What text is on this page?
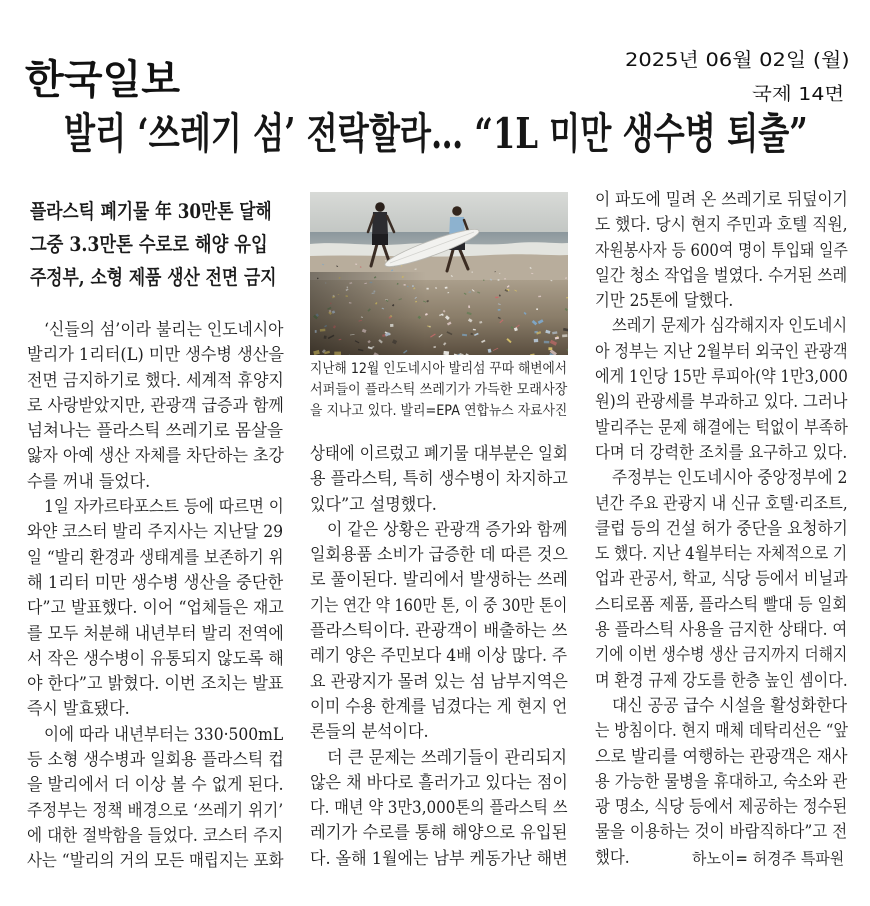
한국일보	2025년 06월 02일 (월)
국제 14면
발리 ‘쓰레기 섬’ 전락할라… “1L 미만 생수병 퇴출”
플라스틱 폐기물 年 30만톤 달해
그중 3.3만톤 수로로 해양 유입
주정부, 소형 제품 생산 전면 금지
지난해 12월 인도네시아 발리섬 꾸따 해변에서
서퍼들이 플라스틱 쓰레기가 가득한 모래사장
을 지나고 있다. 발리=EPA 연합뉴스 자료사진
‘신들의 섬’이라 불리는 인도네시아
발리가 1리터(L) 미만 생수병 생산을
전면 금지하기로 했다. 세계적 휴양지
로 사랑받았지만, 관광객 급증과 함께
넘쳐나는 플라스틱 쓰레기로 몸살을
앓자 아예 생산 자체를 차단하는 초강
수를 꺼내 들었다.
1일 자카르타포스트 등에 따르면 이
와얀 코스터 발리 주지사는 지난달 29
일 “발리 환경과 생태계를 보존하기 위
해 1리터 미만 생수병 생산을 중단한
다”고 발표했다. 이어 “업체들은 재고
를 모두 처분해 내년부터 발리 전역에
서 작은 생수병이 유통되지 않도록 해
야 한다”고 밝혔다. 이번 조치는 발표
즉시 발효됐다.
이에 따라 내년부터는 330·500mL
등 소형 생수병과 일회용 플라스틱 컵
을 발리에서 더 이상 볼 수 없게 된다.
주정부는 정책 배경으로 ‘쓰레기 위기’
에 대한 절박함을 들었다. 코스터 주지
사는 “발리의 거의 모든 매립지는 포화
상태에 이르렀고 폐기물 대부분은 일회
용 플라스틱, 특히 생수병이 차지하고
있다”고 설명했다.
이 같은 상황은 관광객 증가와 함께
일회용품 소비가 급증한 데 따른 것으
로 풀이된다. 발리에서 발생하는 쓰레
기는 연간 약 160만 톤, 이 중 30만 톤이
플라스틱이다. 관광객이 배출하는 쓰
레기 양은 주민보다 4배 이상 많다. 주
요 관광지가 몰려 있는 섬 남부지역은
이미 수용 한계를 넘겼다는 게 현지 언
론들의 분석이다.
더 큰 문제는 쓰레기들이 관리되지
않은 채 바다로 흘러가고 있다는 점이
다. 매년 약 3만3,000톤의 플라스틱 쓰
레기가 수로를 통해 해양으로 유입된
다. 올해 1월에는 남부 케동가난 해변
이 파도에 밀려 온 쓰레기로 뒤덮이기
도 했다. 당시 현지 주민과 호텔 직원,
자원봉사자 등 600여 명이 투입돼 일주
일간 청소 작업을 벌였다. 수거된 쓰레
기만 25톤에 달했다.
쓰레기 문제가 심각해지자 인도네시
아 정부는 지난 2월부터 외국인 관광객
에게 1인당 15만 루피아(약 1만3,000
원)의 관광세를 부과하고 있다. 그러나
발리주는 문제 해결에는 턱없이 부족하
다며 더 강력한 조치를 요구하고 있다.
주정부는 인도네시아 중앙정부에 2
년간 주요 관광지 내 신규 호텔·리조트,
클럽 등의 건설 허가 중단을 요청하기
도 했다. 지난 4월부터는 자체적으로 기
업과 관공서, 학교, 식당 등에서 비닐과
스티로폼 제품, 플라스틱 빨대 등 일회
용 플라스틱 사용을 금지한 상태다. 여
기에 이번 생수병 생산 금지까지 더해지
며 환경 규제 강도를 한층 높인 셈이다.
대신 공공 급수 시설을 활성화한다
는 방침이다. 현지 매체 데탁리선은 “앞
으로 발리를 여행하는 관광객은 재사
용 가능한 물병을 휴대하고, 숙소와 관
광 명소, 식당 등에서 제공하는 정수된
물을 이용하는 것이 바람직하다”고 전
했다.	하노이= 허경주 특파원
